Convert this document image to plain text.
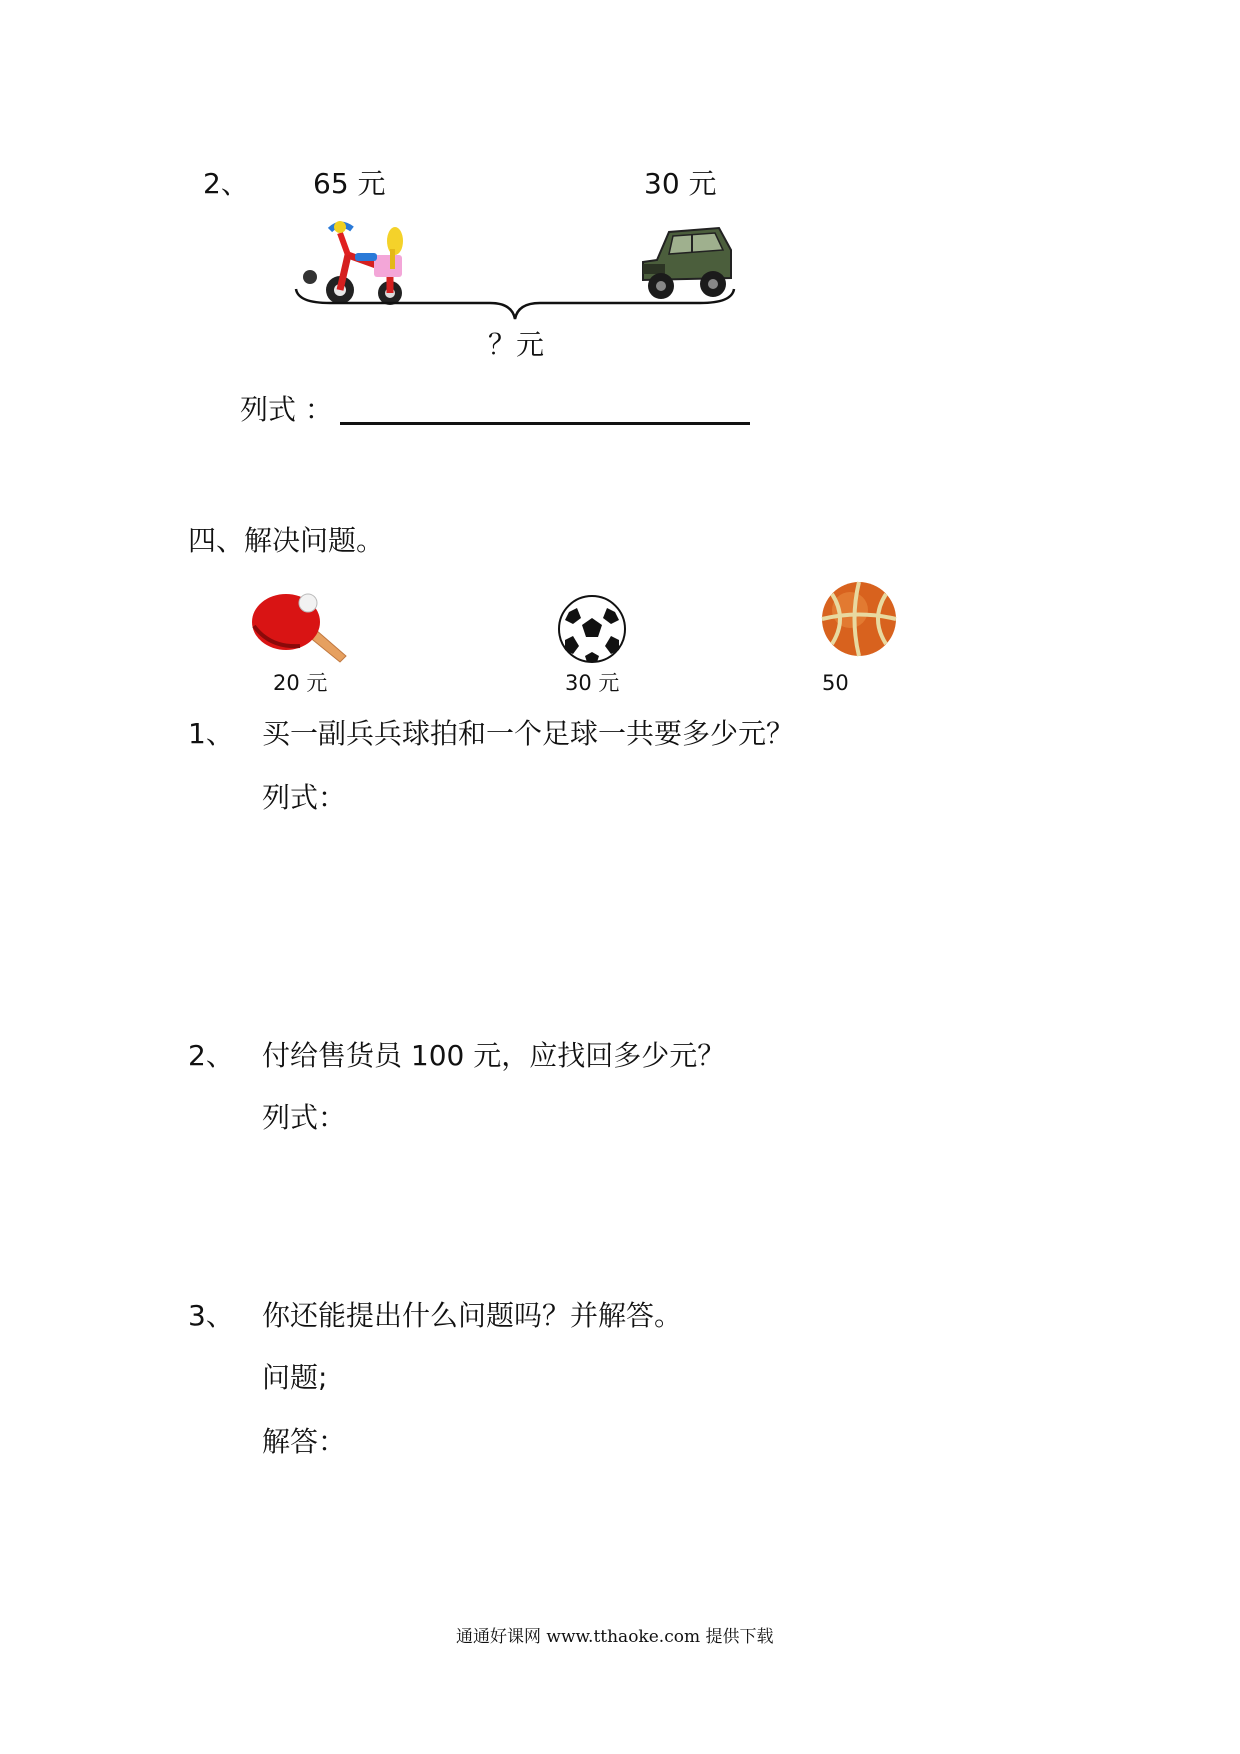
2、 65 元	30 元
？元
列式 ：
四、解决问题。
20 元	30 元	50
1、 买一副兵兵球拍和一个足球一共要多少元？
列式：
2、 付给售货员 100 元，应找回多少元？
列式：
3、 你还能提出什么问题吗？并解答。
问题;
解答：
通通好课网 www.tthaoke.com 提供下载
